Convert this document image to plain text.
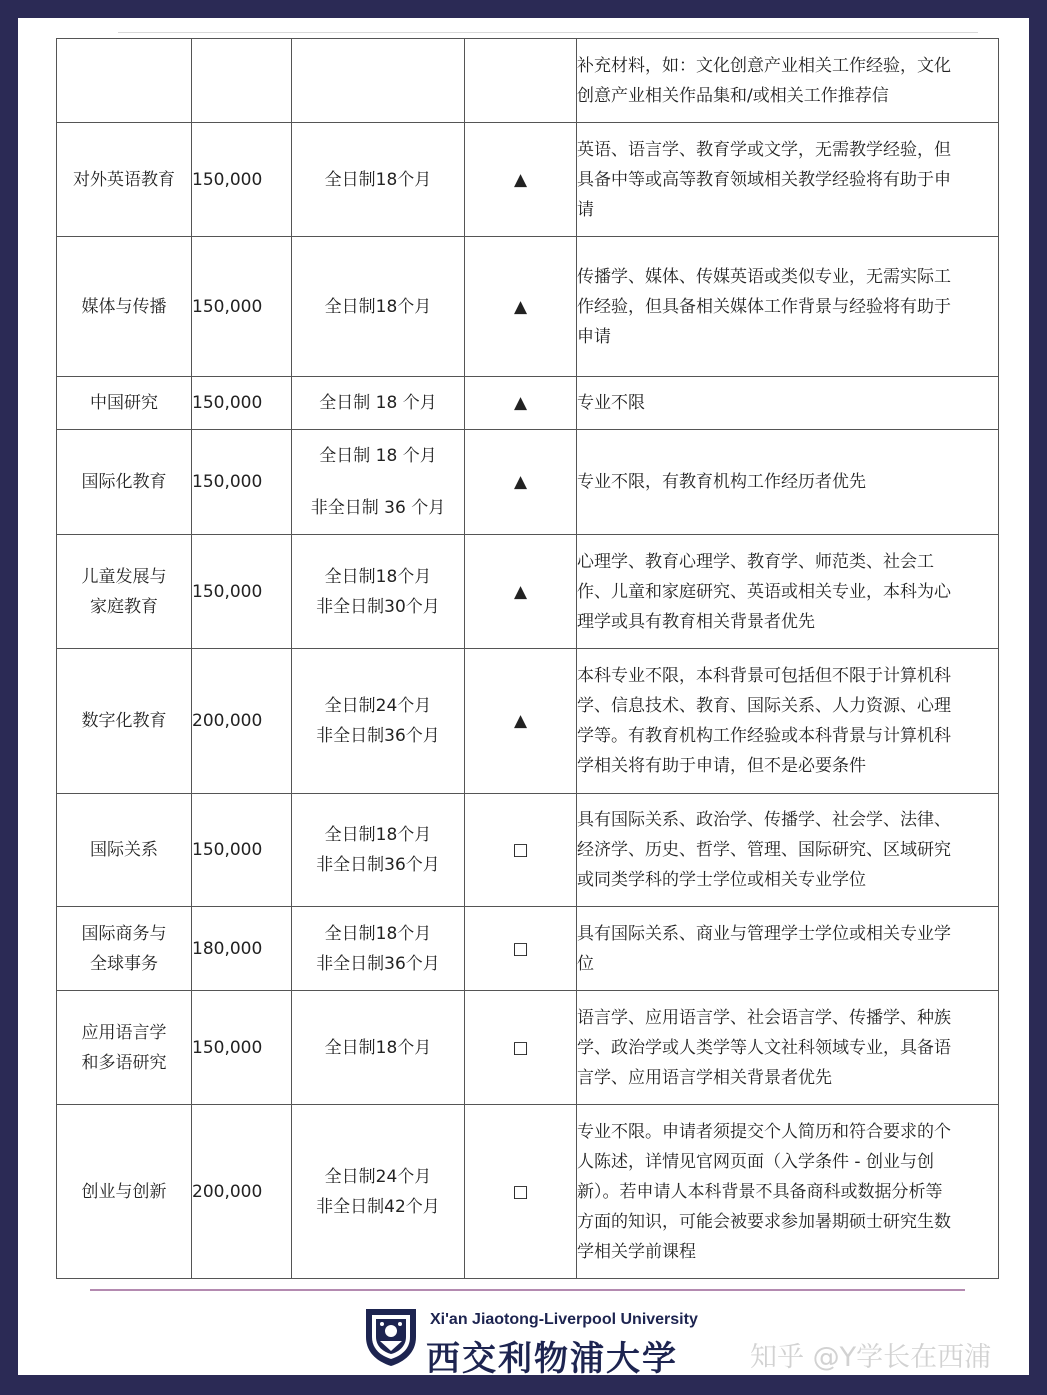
				补充材料，如：文化创意产业相关工作经验，文化
创意产业相关作品集和/或相关工作推荐信

对外英语教育	150,000	全日制18个月	▲	英语、语言学、教育学或文学，无需教学经验，但
具备中等或高等教育领域相关教学经验将有助于申
请

媒体与传播	150,000	全日制18个月	▲	传播学、媒体、传媒英语或类似专业，无需实际工
作经验，但具备相关媒体工作背景与经验将有助于
申请

中国研究	150,000	全日制 18 个月	▲	专业不限

国际化教育	150,000	全日制 18 个月
非全日制 36 个月	▲	专业不限，有教育机构工作经历者优先

儿童发展与
家庭教育	150,000	全日制18个月
非全日制30个月	▲	心理学、教育心理学、教育学、师范类、社会工
作、儿童和家庭研究、英语或相关专业，本科为心
理学或具有教育相关背景者优先

数字化教育	200,000	全日制24个月
非全日制36个月	▲	本科专业不限，本科背景可包括但不限于计算机科
学、信息技术、教育、国际关系、人力资源、心理
学等。有教育机构工作经验或本科背景与计算机科
学相关将有助于申请，但不是必要条件

国际关系	150,000	全日制18个月
非全日制36个月	□	具有国际关系、政治学、传播学、社会学、法律、
经济学、历史、哲学、管理、国际研究、区域研究
或同类学科的学士学位或相关专业学位

国际商务与
全球事务	180,000	全日制18个月
非全日制36个月	□	具有国际关系、商业与管理学士学位或相关专业学
位

应用语言学
和多语研究	150,000	全日制18个月	□	语言学、应用语言学、社会语言学、传播学、种族
学、政治学或人类学等人文社科领域专业，具备语
言学、应用语言学相关背景者优先

创业与创新	200,000	全日制24个月
非全日制42个月	□	专业不限。申请者须提交个人简历和符合要求的个
人陈述，详情见官网页面（入学条件 - 创业与创
新）。若申请人本科背景不具备商科或数据分析等
方面的知识，可能会被要求参加暑期硕士研究生数
学相关学前课程
Xi'an Jiaotong-Liverpool University
西交利物浦大学	知乎 @Y学长在西浦
